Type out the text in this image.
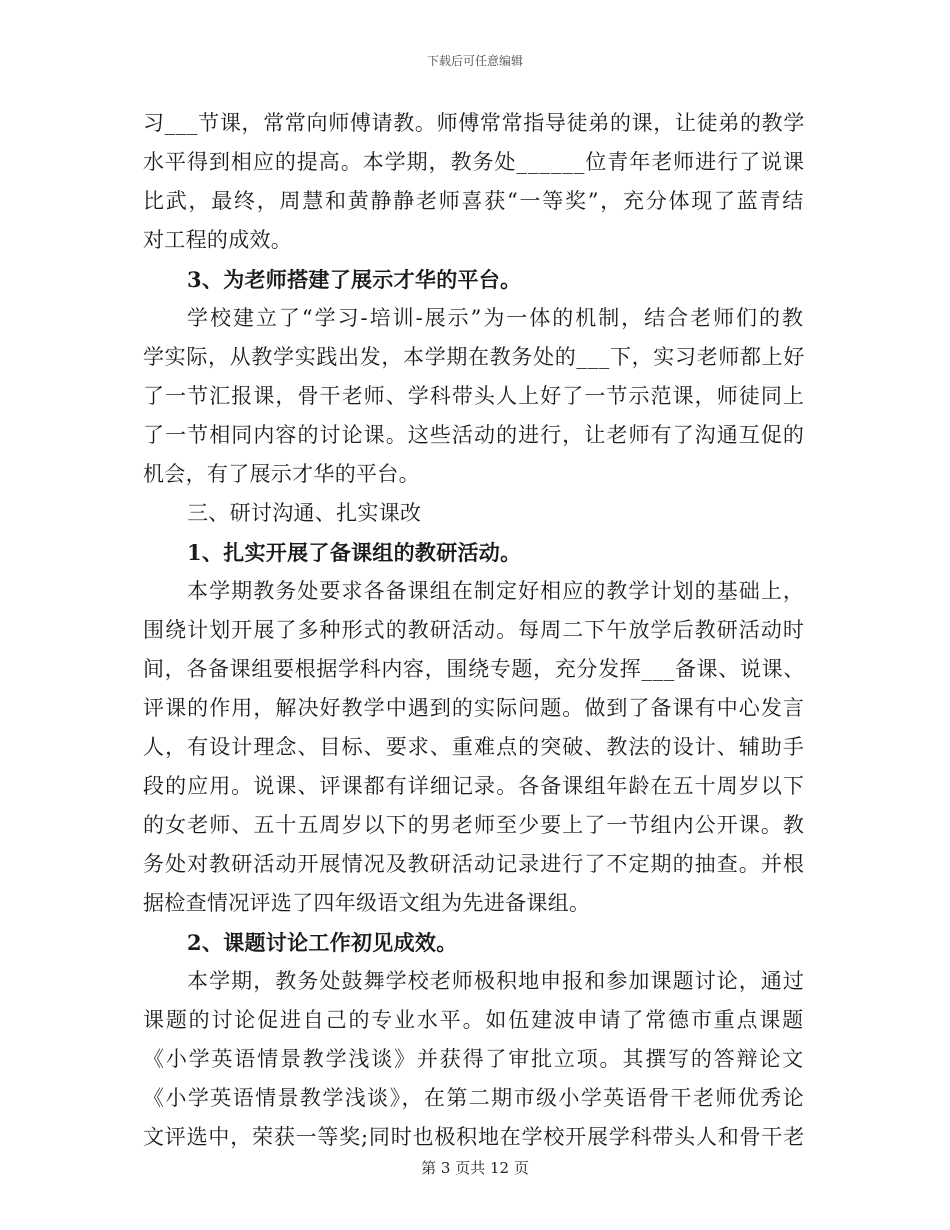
下载后可任意编辑
习___节课，常常向师傅请教。师傅常常指导徒弟的课，让徒弟的教学
水平得到相应的提高。本学期，教务处______位青年老师进行了说课
比武，最终，周慧和黄静静老师喜获“一等奖”，充分体现了蓝青结
对工程的成效。
3、为老师搭建了展示才华的平台。
学校建立了“学习-培训-展示”为一体的机制，结合老师们的教
学实际，从教学实践出发，本学期在教务处的___下，实习老师都上好
了一节汇报课，骨干老师、学科带头人上好了一节示范课，师徒同上
了一节相同内容的讨论课。这些活动的进行，让老师有了沟通互促的
机会，有了展示才华的平台。
三、研讨沟通、扎实课改
1、扎实开展了备课组的教研活动。
本学期教务处要求各备课组在制定好相应的教学计划的基础上，
围绕计划开展了多种形式的教研活动。每周二下午放学后教研活动时
间，各备课组要根据学科内容，围绕专题，充分发挥___备课、说课、
评课的作用，解决好教学中遇到的实际问题。做到了备课有中心发言
人，有设计理念、目标、要求、重难点的突破、教法的设计、辅助手
段的应用。说课、评课都有详细记录。各备课组年龄在五十周岁以下
的女老师、五十五周岁以下的男老师至少要上了一节组内公开课。教
务处对教研活动开展情况及教研活动记录进行了不定期的抽查。并根
据检查情况评选了四年级语文组为先进备课组。
2、课题讨论工作初见成效。
本学期，教务处鼓舞学校老师极积地申报和参加课题讨论，通过
课题的讨论促进自己的专业水平。如伍建波申请了常德市重点课题
《小学英语情景教学浅谈》并获得了审批立项。其撰写的答辩论文
《小学英语情景教学浅谈》，在第二期市级小学英语骨干老师优秀论
文评选中，荣获一等奖;同时也极积地在学校开展学科带头人和骨干老
第 3 页共 12 页
